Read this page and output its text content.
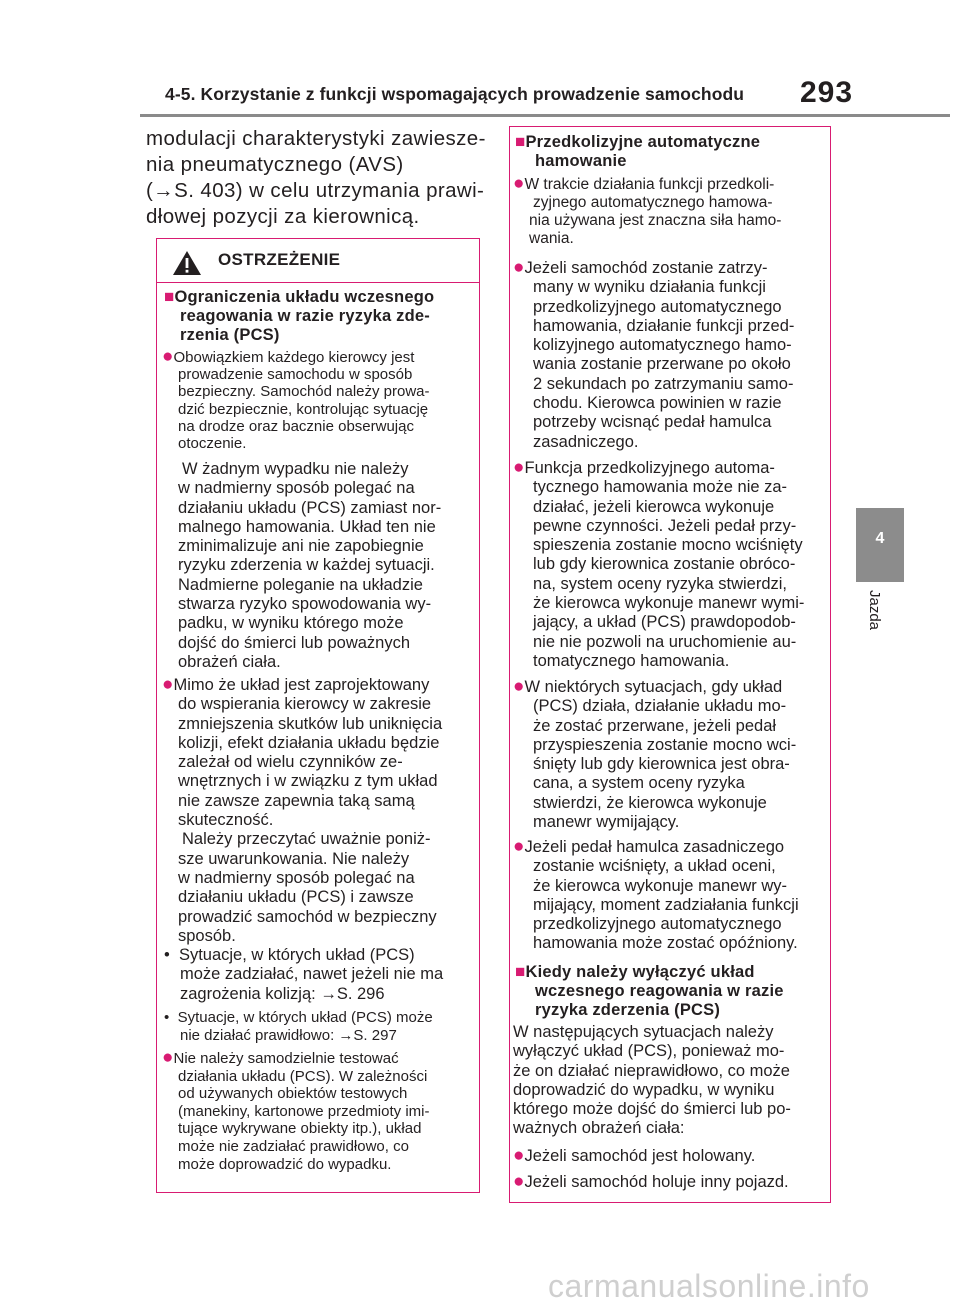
4-5. Korzystanie z funkcji wspomagających prowadzenie samochodu 293
4
Jazda
modulacji charakterystyki zawiesze-
nia pneumatycznego (AVS)
(→S. 403) w celu utrzymania prawi-
dłowej pozycji za kierownicą.
OSTRZEŻENIE
■Ograniczenia układu wczesnego
reagowania w razie ryzyka zde-
rzenia (PCS)
●Obowiązkiem każdego kierowcy jest
prowadzenie samochodu w sposób
bezpieczny. Samochód należy prowa-
dzić bezpiecznie, kontrolując sytuację
na drodze oraz bacznie obserwując
otoczenie.
W żadnym wypadku nie należy
w nadmierny sposób polegać na
działaniu układu (PCS) zamiast nor-
malnego hamowania. Układ ten nie
zminimalizuje ani nie zapobiegnie
ryzyku zderzenia w każdej sytuacji.
Nadmierne poleganie na układzie
stwarza ryzyko spowodowania wy-
padku, w wyniku którego może
dojść do śmierci lub poważnych
obrażeń ciała.
●Mimo że układ jest zaprojektowany
do wspierania kierowcy w zakresie
zmniejszenia skutków lub uniknięcia
kolizji, efekt działania układu będzie
zależał od wielu czynników ze-
wnętrznych i w związku z tym układ
nie zawsze zapewnia taką samą
skuteczność.
Należy przeczytać uważnie poniż-
sze uwarunkowania. Nie należy
w nadmierny sposób polegać na
działaniu układu (PCS) i zawsze
prowadzić samochód w bezpieczny
sposób.
•  Sytuacje, w których układ (PCS)
może zadziałać, nawet jeżeli nie ma
zagrożenia kolizją: →S. 296
•  Sytuacje, w których układ (PCS) może
nie działać prawidłowo: →S. 297
●Nie należy samodzielnie testować
działania układu (PCS). W zależności
od używanych obiektów testowych
(manekiny, kartonowe przedmioty imi-
tujące wykrywane obiekty itp.), układ
może nie zadziałać prawidłowo, co
może doprowadzić do wypadku.
■Przedkolizyjne automatyczne
hamowanie
●W trakcie działania funkcji przedkoli-
zyjnego automatycznego hamowa-
nia używana jest znaczna siła hamo-
wania.
●Jeżeli samochód zostanie zatrzy-
many w wyniku działania funkcji
przedkolizyjnego automatycznego
hamowania, działanie funkcji przed-
kolizyjnego automatycznego hamo-
wania zostanie przerwane po około
2 sekundach po zatrzymaniu samo-
chodu. Kierowca powinien w razie
potrzeby wcisnąć pedał hamulca
zasadniczego.
●Funkcja przedkolizyjnego automa-
tycznego hamowania może nie za-
działać, jeżeli kierowca wykonuje
pewne czynności. Jeżeli pedał przy-
spieszenia zostanie mocno wciśnięty
lub gdy kierownica zostanie obróco-
na, system oceny ryzyka stwierdzi,
że kierowca wykonuje manewr wymi-
jający, a układ (PCS) prawdopodob-
nie nie pozwoli na uruchomienie au-
tomatycznego hamowania.
●W niektórych sytuacjach, gdy układ
(PCS) działa, działanie układu mo-
że zostać przerwane, jeżeli pedał
przyspieszenia zostanie mocno wci-
śnięty lub gdy kierownica jest obra-
cana, a system oceny ryzyka
stwierdzi, że kierowca wykonuje
manewr wymijający.
●Jeżeli pedał hamulca zasadniczego
zostanie wciśnięty, a układ oceni,
że kierowca wykonuje manewr wy-
mijający, moment zadziałania funkcji
przedkolizyjnego automatycznego
hamowania może zostać opóźniony.
■Kiedy należy wyłączyć układ
wczesnego reagowania w razie
ryzyka zderzenia (PCS)
W następujących sytuacjach należy
wyłączyć układ (PCS), ponieważ mo-
że on działać nieprawidłowo, co może
doprowadzić do wypadku, w wyniku
którego może dojść do śmierci lub po-
ważnych obrażeń ciała:
●Jeżeli samochód jest holowany.
●Jeżeli samochód holuje inny pojazd.
carmanualsonline.info
